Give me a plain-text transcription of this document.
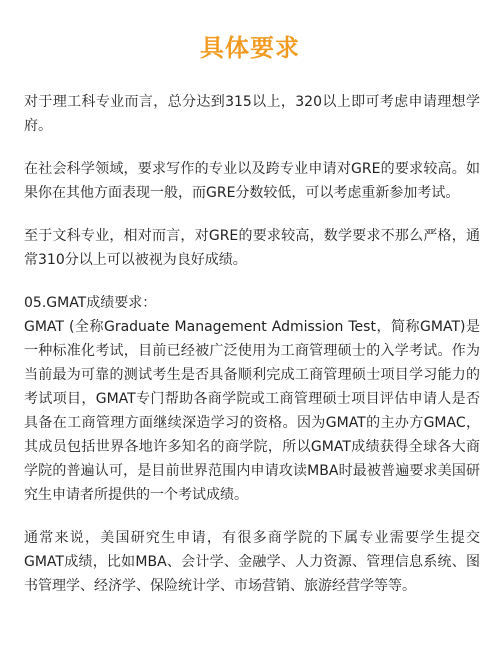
具体要求

对于理工科专业而言，总分达到315以上，320以上即可考虑申请理想学府。

在社会科学领域，要求写作的专业以及跨专业申请对GRE的要求较高。如果你在其他方面表现一般，而GRE分数较低，可以考虑重新参加考试。

至于文科专业，相对而言，对GRE的要求较高，数学要求不那么严格，通常310分以上可以被视为良好成绩。

05.GMAT成绩要求：

GMAT (全称Graduate Management Admission Test，简称GMAT)是一种标准化考试，目前已经被广泛使用为工商管理硕士的入学考试。作为当前最为可靠的测试考生是否具备顺利完成工商管理硕士项目学习能力的考试项目，GMAT专门帮助各商学院或工商管理硕士项目评估申请人是否具备在工商管理方面继续深造学习的资格。因为GMAT的主办方GMAC，其成员包括世界各地许多知名的商学院，所以GMAT成绩获得全球各大商学院的普遍认可，是目前世界范围内申请攻读MBA时最被普遍要求美国研究生申请者所提供的一个考试成绩。

通常来说，美国研究生申请，有很多商学院的下属专业需要学生提交GMAT成绩，比如MBA、会计学、金融学、人力资源、管理信息系统、图书管理学、经济学、保险统计学、市场营销、旅游经营学等等。
